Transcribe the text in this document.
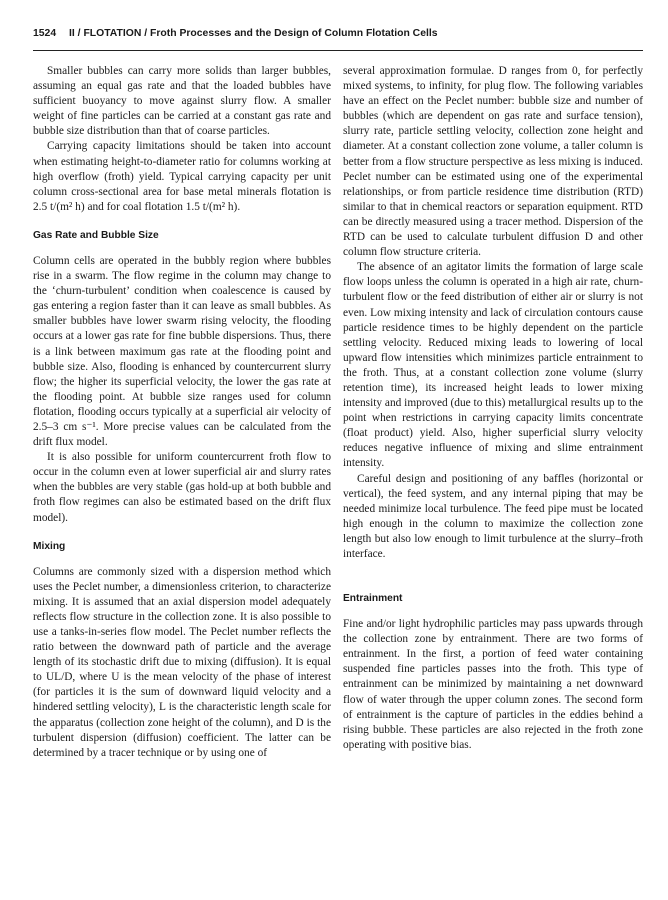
1524 II / FLOTATION / Froth Processes and the Design of Column Flotation Cells

Smaller bubbles can carry more solids than larger bubbles, assuming an equal gas rate and that the loaded bubbles have sufficient buoyancy to move against slurry flow. A smaller weight of fine particles can be carried at a constant gas rate and bubble size distribution than that of coarse particles.

Carrying capacity limitations should be taken into account when estimating height-to-diameter ratio for columns working at high overflow (froth) yield. Typical carrying capacity per unit column cross-sectional area for base metal minerals flotation is 2.5 t/(m² h) and for coal flotation 1.5 t/(m² h).

Gas Rate and Bubble Size

Column cells are operated in the bubbly region where bubbles rise in a swarm. The flow regime in the column may change to the ‘churn-turbulent’ condition when coalescence is caused by gas entering a region faster than it can leave as small bubbles. As smaller bubbles have lower swarm rising velocity, the flooding occurs at a lower gas rate for fine bubble dispersions. Thus, there is a link between maximum gas rate at the flooding point and bubble size. Also, flooding is enhanced by countercurrent slurry flow; the higher its superficial velocity, the lower the gas rate at the flooding point. At bubble size ranges used for column flotation, flooding occurs typically at a superficial air velocity of 2.5–3 cm s⁻¹. More precise values can be calculated from the drift flux model.

It is also possible for uniform countercurrent froth flow to occur in the column even at lower superficial air and slurry rates when the bubbles are very stable (gas hold-up at both bubble and froth flow regimes can also be estimated based on the drift flux model).

Mixing

Columns are commonly sized with a dispersion method which uses the Peclet number, a dimensionless criterion, to characterize mixing. It is assumed that an axial dispersion model adequately reflects flow structure in the collection zone. It is also possible to use a tanks-in-series flow model. The Peclet number reflects the ratio between the downward path of particle and the average length of its stochastic drift due to mixing (diffusion). It is equal to UL/D, where U is the mean velocity of the phase of interest (for particles it is the sum of downward liquid velocity and a hindered settling velocity), L is the characteristic length scale for the apparatus (collection zone height of the column), and D is the turbulent dispersion (diffusion) coefficient. The latter can be determined by a tracer technique or by using one of

several approximation formulae. D ranges from 0, for perfectly mixed systems, to infinity, for plug flow. The following variables have an effect on the Peclet number: bubble size and number of bubbles (which are dependent on gas rate and surface tension), slurry rate, particle settling velocity, collection zone height and diameter. At a constant collection zone volume, a taller column is better from a flow structure perspective as less mixing is induced. Peclet number can be estimated using one of the experimental relationships, or from particle residence time distribution (RTD) similar to that in chemical reactors or separation equipment. RTD can be directly measured using a tracer method. Dispersion of the RTD can be used to calculate turbulent diffusion D and other column flow structure criteria.

The absence of an agitator limits the formation of large scale flow loops unless the column is operated in a high air rate, churn-turbulent flow or the feed distribution of either air or slurry is not even. Low mixing intensity and lack of circulation contours cause particle residence times to be highly dependent on the particle settling velocity. Reduced mixing leads to lowering of local upward flow intensities which minimizes particle entrainment to the froth. Thus, at a constant collection zone volume (slurry retention time), its increased height leads to lower mixing intensity and improved (due to this) metallurgical results up to the point when restrictions in carrying capacity limits concentrate (float product) yield. Also, higher superficial slurry velocity reduces negative influence of mixing and slime entrainment intensity.

Careful design and positioning of any baffles (horizontal or vertical), the feed system, and any internal piping that may be needed minimize local turbulence. The feed pipe must be located high enough in the column to maximize the collection zone length but also low enough to limit turbulence at the slurry–froth interface.

Entrainment

Fine and/or light hydrophilic particles may pass upwards through the collection zone by entrainment. There are two forms of entrainment. In the first, a portion of feed water containing suspended fine particles passes into the froth. This type of entrainment can be minimized by maintaining a net downward flow of water through the upper column zones. The second form of entrainment is the capture of particles in the eddies behind a rising bubble. These particles are also rejected in the froth zone operating with positive bias.
